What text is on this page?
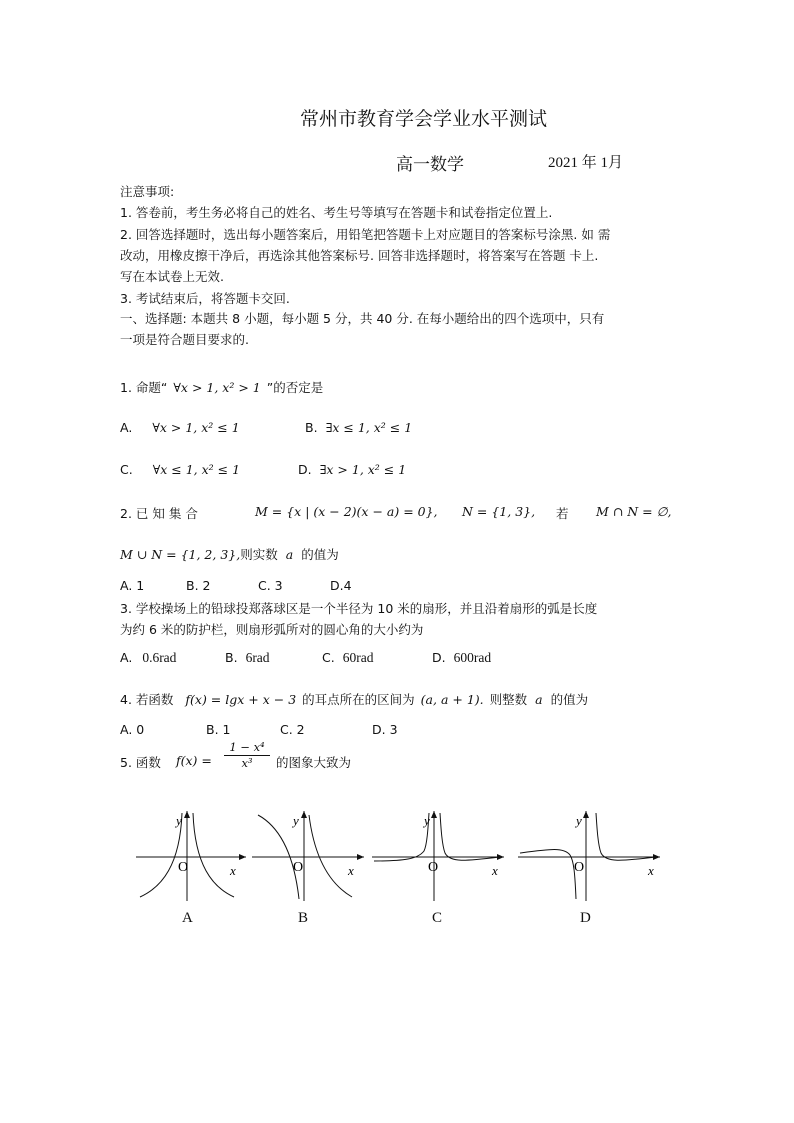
常州市教育学会学业水平测试
高一数学	2021 年 1月
注意事项:
1. 答卷前，考生务必将自己的姓名、考生号等填写在答题卡和试卷指定位置上.
2. 回答选择题时，选出每小题答案后，用铅笔把答题卡上对应题目的答案标号涂黑. 如 需
改动，用橡皮擦干净后，再选涂其他答案标号. 回答非选择题时，将答案写在答题 卡上.
写在本试卷上无效.
3. 考试结束后，将答题卡交回.
一、选择题: 本题共 8 小题，每小题 5 分，共 40 分. 在每小题给出的四个选项中，只有
一项是符合题目要求的.
1. 命题“ ∀x > 1, x² > 1 ”的否定是
A. ∀x > 1, x² ≤ 1	B. ∃x ≤ 1, x² ≤ 1
C. ∀x ≤ 1, x² ≤ 1	D. ∃x > 1, x² ≤ 1
2. 已 知 集 合	M = {x | (x − 2)(x − a) = 0}, N = {1, 3}, 若 M ∩ N = ∅,
M ∪ N = {1, 2, 3},则实数 a 的值为
A. 1	B. 2	C. 3	D.4
3. 学校操场上的铅球投郑落球区是一个半径为 10 米的扇形，并且沿着扇形的弧是长度
为约 6 米的防护栏，则扇形弧所对的圆心角的大小约为
A. 0.6rad	B. 6rad	C. 60rad	D. 600rad
4. 若函数 f(x) = lgx + x − 3 的耳点所在的区间为 (a, a + 1). 则整数 a 的值为
A. 0	B. 1	C. 2	D. 3
5. 函数 $f(x) = \frac{\text{1 − x⁴}}{\text{x³}}$ 的图象大致为
y
O	x
A
y
O	x
B
y
O	x
C
y
O	x
D
